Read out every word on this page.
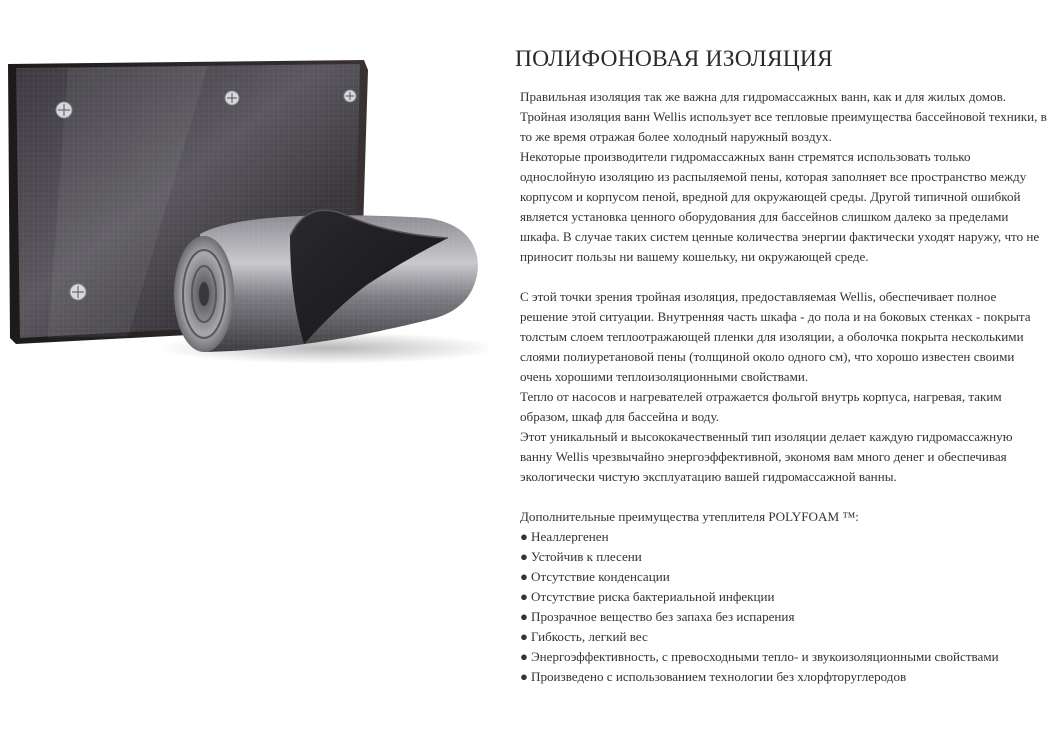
ПОЛИФОНОВАЯ ИЗОЛЯЦИЯ

Правильная изоляция так же важна для гидромассажных ванн, как и для жилых домов. Тройная изоляция ванн Wellis использует все тепловые преимущества бассейновой техники, в то же время отражая более холодный наружный воздух.

Некоторые производители гидромассажных ванн стремятся использовать только однослойную изоляцию из распыляемой пены, которая заполняет все пространство между корпусом и корпусом пеной, вредной для окружающей среды. Другой типичной ошибкой является установка ценного оборудования для бассейнов слишком далеко за пределами шкафа. В случае таких систем ценные количества энергии фактически уходят наружу, что не приносит пользы ни вашему кошельку, ни окружающей среде.

С этой точки зрения тройная изоляция, предоставляемая Wellis, обеспечивает полное решение этой ситуации. Внутренняя часть шкафа - до пола и на боковых стенках - покрыта толстым слоем теплоотражающей пленки для изоляции, а оболочка покрыта несколькими слоями полиуретановой пены (толщиной около одного см), что хорошо известен своими очень хорошими теплоизоляционными свойствами.

Тепло от насосов и нагревателей отражается фольгой внутрь корпуса, нагревая, таким образом, шкаф для бассейна и воду.

Этот уникальный и высококачественный тип изоляции делает каждую гидромассажную ванну Wellis чрезвычайно энергоэффективной, экономя вам много денег и обеспечивая экологически чистую эксплуатацию вашей гидромассажной ванны.

Дополнительные преимущества утеплителя POLYFOAM ™:

● Неаллергенен
● Устойчив к плесени
● Отсутствие конденсации
● Отсутствие риска бактериальной инфекции
● Прозрачное вещество без запаха без испарения
● Гибкость, легкий вес
● Энергоэффективность, с превосходными тепло- и звукоизоляционными свойствами
● Произведено с использованием технологии без хлорфторуглеродов
